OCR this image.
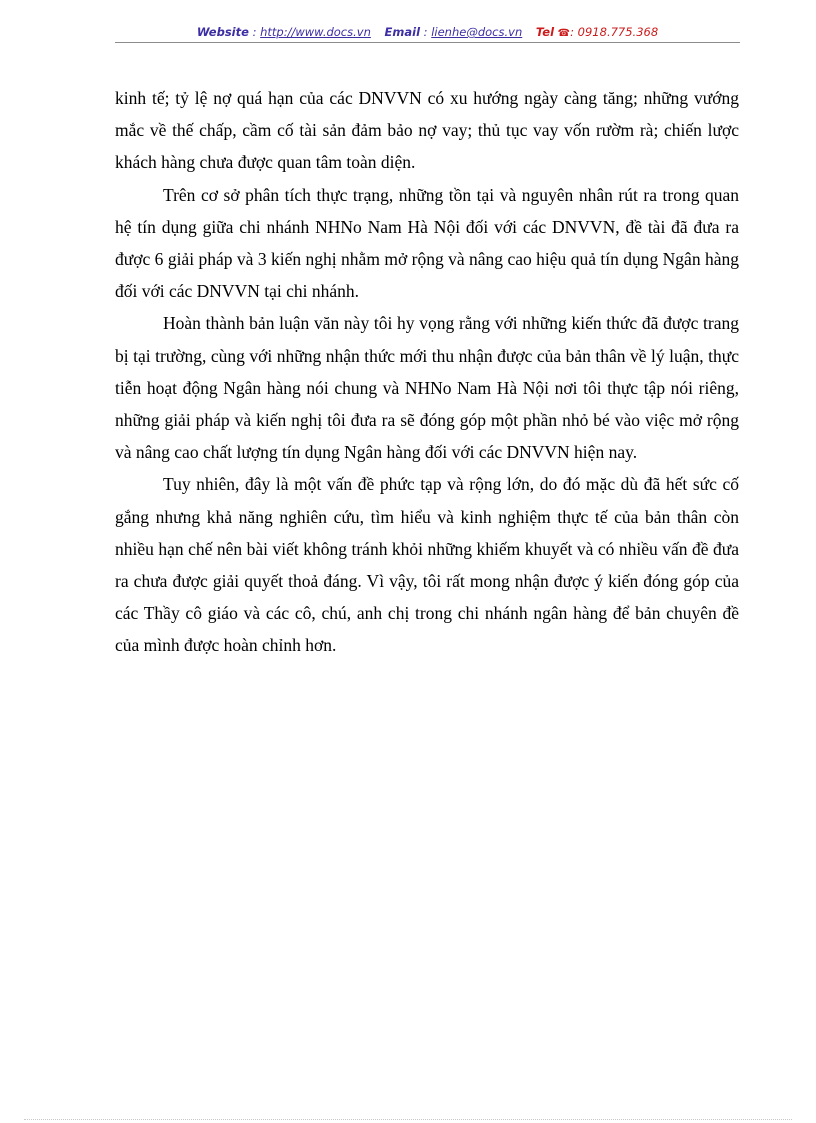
Website : http://www.docs.vn Email : lienhe@docs.vn Tel ☎: 0918.775.368

kinh tế; tỷ lệ nợ quá hạn của các DNVVN có xu hướng ngày càng tăng; những vướng mắc về thế chấp, cầm cố tài sản đảm bảo nợ vay; thủ tục vay vốn rườm rà; chiến lược khách hàng chưa được quan tâm toàn diện.

Trên cơ sở phân tích thực trạng, những tồn tại và nguyên nhân rút ra trong quan hệ tín dụng giữa chi nhánh NHNo Nam Hà Nội đối với các DNVVN, đề tài đã đưa ra được 6 giải pháp và 3 kiến nghị nhằm mở rộng và nâng cao hiệu quả tín dụng Ngân hàng đối với các DNVVN tại chi nhánh.

Hoàn thành bản luận văn này tôi hy vọng rằng với những kiến thức đã được trang bị tại trường, cùng với những nhận thức mới thu nhận được của bản thân về lý luận, thực tiễn hoạt động Ngân hàng nói chung và NHNo Nam Hà Nội nơi tôi thực tập nói riêng, những giải pháp và kiến nghị tôi đưa ra sẽ đóng góp một phần nhỏ bé vào việc mở rộng và nâng cao chất lượng tín dụng Ngân hàng đối với các DNVVN hiện nay.

Tuy nhiên, đây là một vấn đề phức tạp và rộng lớn, do đó mặc dù đã hết sức cố gắng nhưng khả năng nghiên cứu, tìm hiểu và kinh nghiệm thực tế của bản thân còn nhiều hạn chế nên bài viết không tránh khỏi những khiếm khuyết và có nhiều vấn đề đưa ra chưa được giải quyết thoả đáng. Vì vậy, tôi rất mong nhận được ý kiến đóng góp của các Thầy cô giáo và các cô, chú, anh chị trong chi nhánh ngân hàng để bản chuyên đề của mình được hoàn chỉnh hơn.
